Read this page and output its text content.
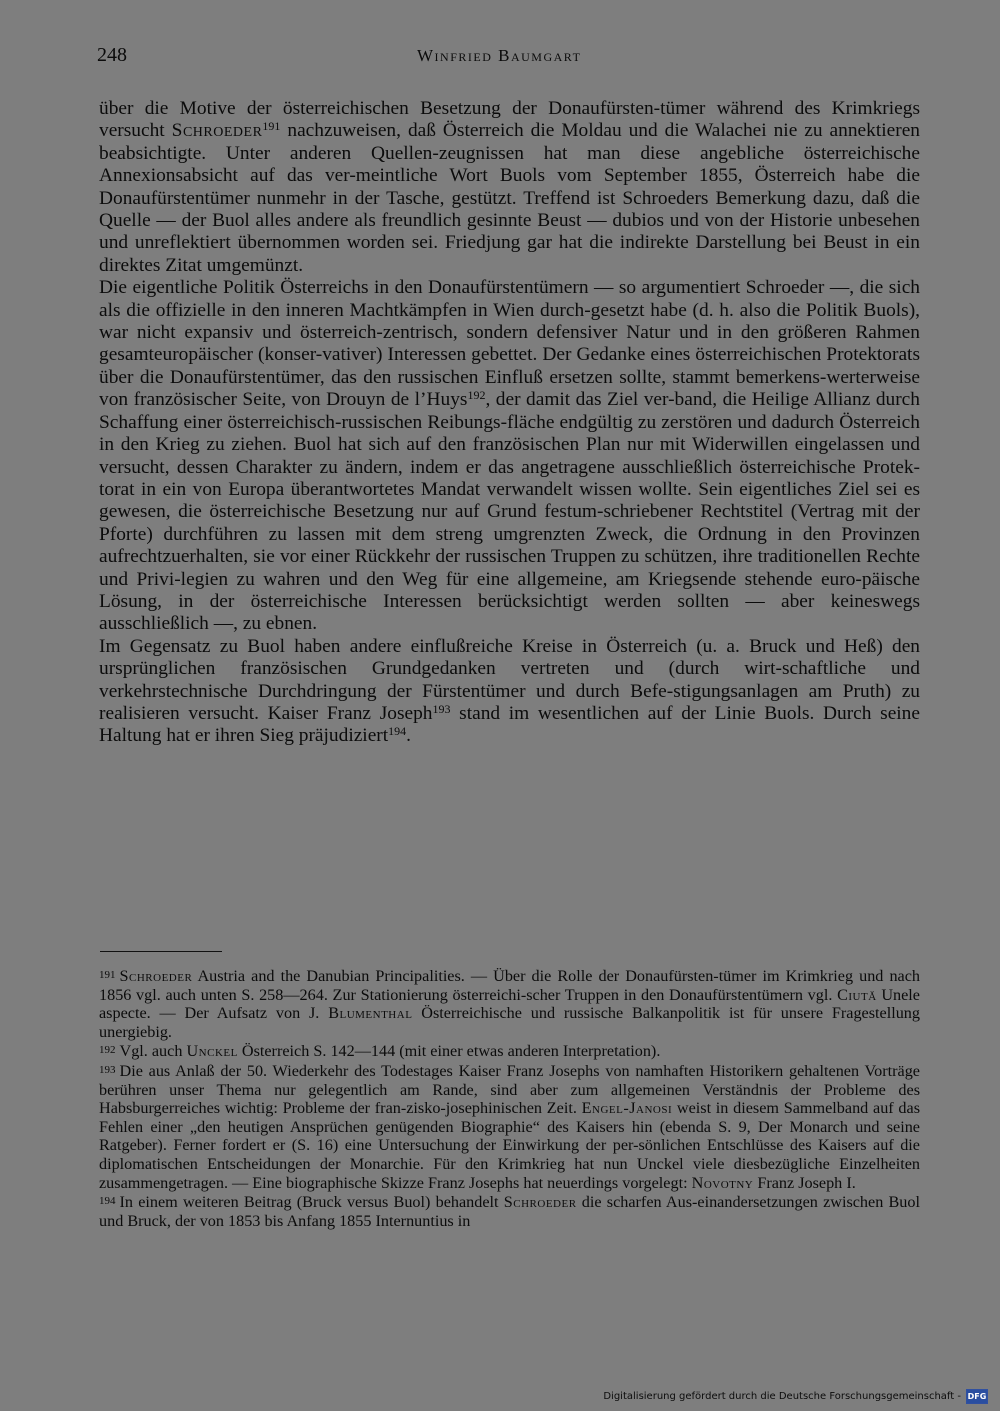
248	Winfried Baumgart

über die Motive der österreichischen Besetzung der Donaufürsten-tümer während des Krimkriegs versucht Schroeder$^{191}$ nachzuweisen, daß Österreich die Moldau und die Walachei nie zu annektieren beabsichtigte. Unter anderen Quellen-zeugnissen hat man diese angebliche österreichische Annexionsabsicht auf das ver-meintliche Wort Buols vom September 1855, Österreich habe die Donaufürstentümer nunmehr in der Tasche, gestützt. Treffend ist Schroeders Bemerkung dazu, daß die Quelle — der Buol alles andere als freundlich gesinnte Beust — dubios und von der Historie unbesehen und unreflektiert übernommen worden sei. Friedjung gar hat die indirekte Darstellung bei Beust in ein direktes Zitat umgemünzt.

Die eigentliche Politik Österreichs in den Donaufürstentümern — so argumentiert Schroeder —, die sich als die offizielle in den inneren Machtkämpfen in Wien durch-gesetzt habe (d. h. also die Politik Buols), war nicht expansiv und österreich-zentrisch, sondern defensiver Natur und in den größeren Rahmen gesamteuropäischer (konser-vativer) Interessen gebettet. Der Gedanke eines österreichischen Protektorats über die Donaufürstentümer, das den russischen Einfluß ersetzen sollte, stammt bemerkens-werterweise von französischer Seite, von Drouyn de l’Huys$^{192}$, der damit das Ziel ver-band, die Heilige Allianz durch Schaffung einer österreichisch-russischen Reibungs-fläche endgültig zu zerstören und dadurch Österreich in den Krieg zu ziehen. Buol hat sich auf den französischen Plan nur mit Widerwillen eingelassen und versucht, dessen Charakter zu ändern, indem er das angetragene ausschließlich österreichische Protek-torat in ein von Europa überantwortetes Mandat verwandelt wissen wollte. Sein eigentliches Ziel sei es gewesen, die österreichische Besetzung nur auf Grund festum-schriebener Rechtstitel (Vertrag mit der Pforte) durchführen zu lassen mit dem streng umgrenzten Zweck, die Ordnung in den Provinzen aufrechtzuerhalten, sie vor einer Rückkehr der russischen Truppen zu schützen, ihre traditionellen Rechte und Privi-legien zu wahren und den Weg für eine allgemeine, am Kriegsende stehende euro-päische Lösung, in der österreichische Interessen berücksichtigt werden sollten — aber keineswegs ausschließlich —, zu ebnen.

Im Gegensatz zu Buol haben andere einflußreiche Kreise in Österreich (u. a. Bruck und Heß) den ursprünglichen französischen Grundgedanken vertreten und (durch wirt-schaftliche und verkehrstechnische Durchdringung der Fürstentümer und durch Befe-stigungsanlagen am Pruth) zu realisieren versucht. Kaiser Franz Joseph$^{193}$ stand im wesentlichen auf der Linie Buols. Durch seine Haltung hat er ihren Sieg präjudiziert$^{194}$.

191 Schroeder Austria and the Danubian Principalities. — Über die Rolle der Donaufürsten-tümer im Krimkrieg und nach 1856 vgl. auch unten S. 258—264. Zur Stationierung österreichi-scher Truppen in den Donaufürstentümern vgl. Ciută Unele aspecte. — Der Aufsatz von J. Blumenthal Österreichische und russische Balkanpolitik ist für unsere Fragestellung unergiebig.

192 Vgl. auch Unckel Österreich S. 142—144 (mit einer etwas anderen Interpretation).

193 Die aus Anlaß der 50. Wiederkehr des Todestages Kaiser Franz Josephs von namhaften Historikern gehaltenen Vorträge berühren unser Thema nur gelegentlich am Rande, sind aber zum allgemeinen Verständnis der Probleme des Habsburgerreiches wichtig: Probleme der fran-zisko-josephinischen Zeit. Engel-Janosi weist in diesem Sammelband auf das Fehlen einer „den heutigen Ansprüchen genügenden Biographie“ des Kaisers hin (ebenda S. 9, Der Monarch und seine Ratgeber). Ferner fordert er (S. 16) eine Untersuchung der Einwirkung der per-sönlichen Entschlüsse des Kaisers auf die diplomatischen Entscheidungen der Monarchie. Für den Krimkrieg hat nun Unckel viele diesbezügliche Einzelheiten zusammengetragen. — Eine biographische Skizze Franz Josephs hat neuerdings vorgelegt: Novotny Franz Joseph I.

194 In einem weiteren Beitrag (Bruck versus Buol) behandelt Schroeder die scharfen Aus-einandersetzungen zwischen Buol und Bruck, der von 1853 bis Anfang 1855 Internuntius in

Digitalisierung gefördert durch die Deutsche Forschungsgemeinschaft - DFG
